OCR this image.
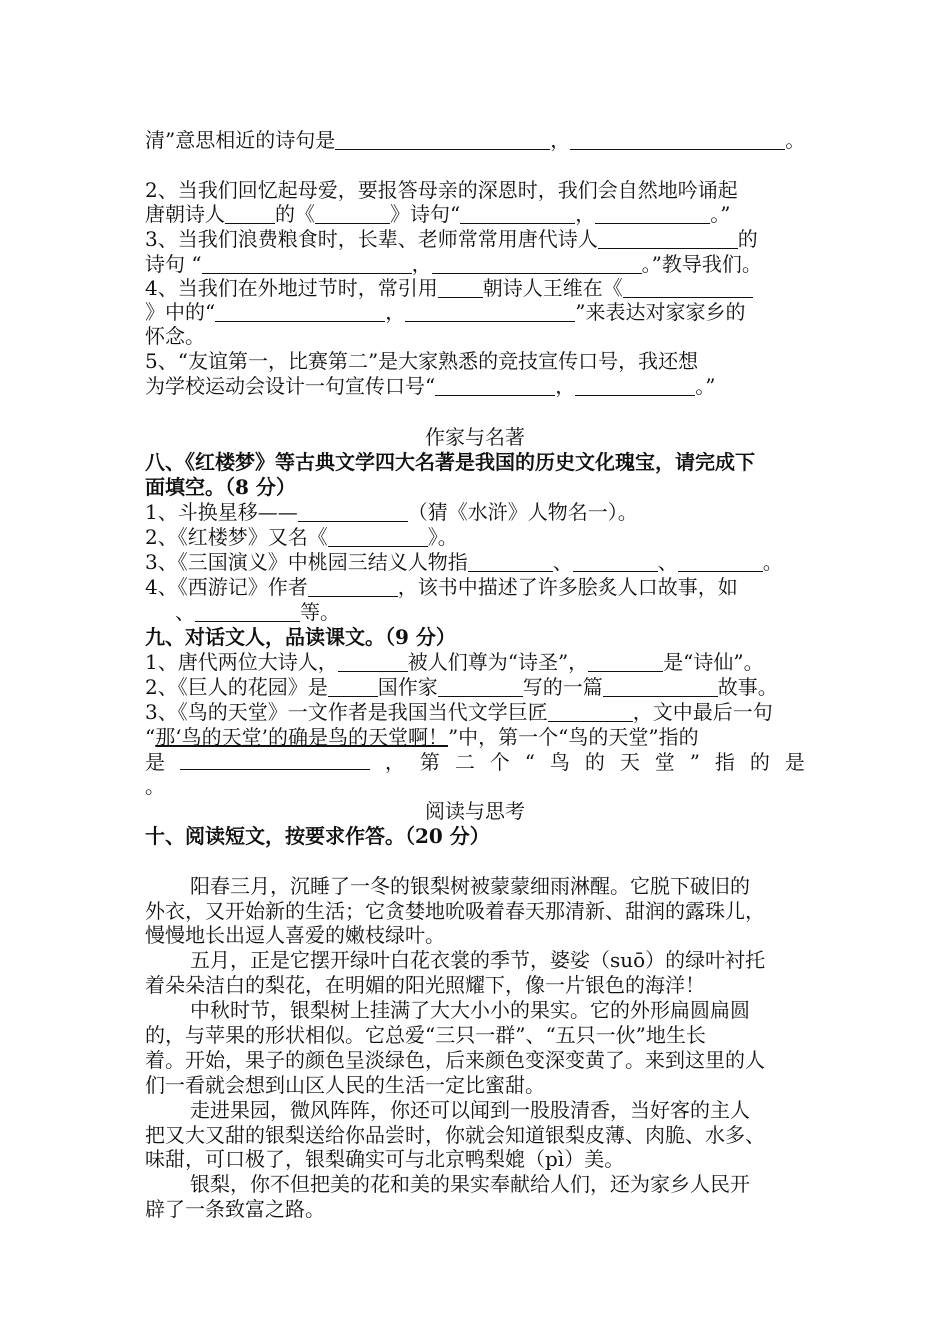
清”意思相近的诗句是	，	。
2、当我们回忆起母爱，要报答母亲的深恩时，我们会自然地吟诵起
唐朝诗人	的《	》诗句“	，	。”
3、当我们浪费粮食时，长辈、老师常常用唐代诗人	的
诗句 “	，	。”教导我们。
4、当我们在外地过节时，常引用 朝诗人王维在《
》中的“	，	”来表达对家家乡的
怀念。
5、“友谊第一，比赛第二”是大家熟悉的竞技宣传口号，我还想
为学校运动会设计一句宣传口号“	，	。”
作家与名著
八、《红楼梦》等古典文学四大名著是我国的历史文化瑰宝，请完成下
面填空。（8 分）
1、斗换星移——	（猜《水浒》人物名一）。
2、《红楼梦》又名《	》。
3、《三国演义》中桃园三结义人物指	、	、	。
4、《西游记》作者	，该书中描述了许多脍炙人口故事，如
、	等。
九、对话文人，品读课文。（9 分）
1、唐代两位大诗人，	被人们尊为“诗圣”，	是“诗仙”。
2、《巨人的花园》是	国作家	写的一篇	故事。
3、《鸟的天堂》一文作者是我国当代文学巨匠	，文中最后一句
“那‘鸟的天堂’的确是鸟的天堂啊！”中，第一个“鸟的天堂”指的
是	， 第 二 个 “ 鸟 的 天 堂 ” 指 的 是
。
阅读与思考
十、阅读短文，按要求作答。（20 分）
阳春三月，沉睡了一冬的银梨树被蒙蒙细雨淋醒。它脱下破旧的
外衣，又开始新的生活；它贪婪地吮吸着春天那清新、甜润的露珠儿，
慢慢地长出逗人喜爱的嫩枝绿叶。
五月，正是它摆开绿叶白花衣裳的季节，婆娑（suō）的绿叶衬托
着朵朵洁白的梨花，在明媚的阳光照耀下，像一片银色的海洋！
中秋时节，银梨树上挂满了大大小小的果实。它的外形扁圆扁圆
的，与苹果的形状相似。它总爱“三只一群”、“五只一伙”地生长
着。开始，果子的颜色呈淡绿色，后来颜色变深变黄了。来到这里的人
们一看就会想到山区人民的生活一定比蜜甜。
走进果园，微风阵阵，你还可以闻到一股股清香，当好客的主人
把又大又甜的银梨送给你品尝时，你就会知道银梨皮薄、肉脆、水多、
味甜，可口极了，银梨确实可与北京鸭梨媲（pì）美。
银梨，你不但把美的花和美的果实奉献给人们，还为家乡人民开
辟了一条致富之路。
